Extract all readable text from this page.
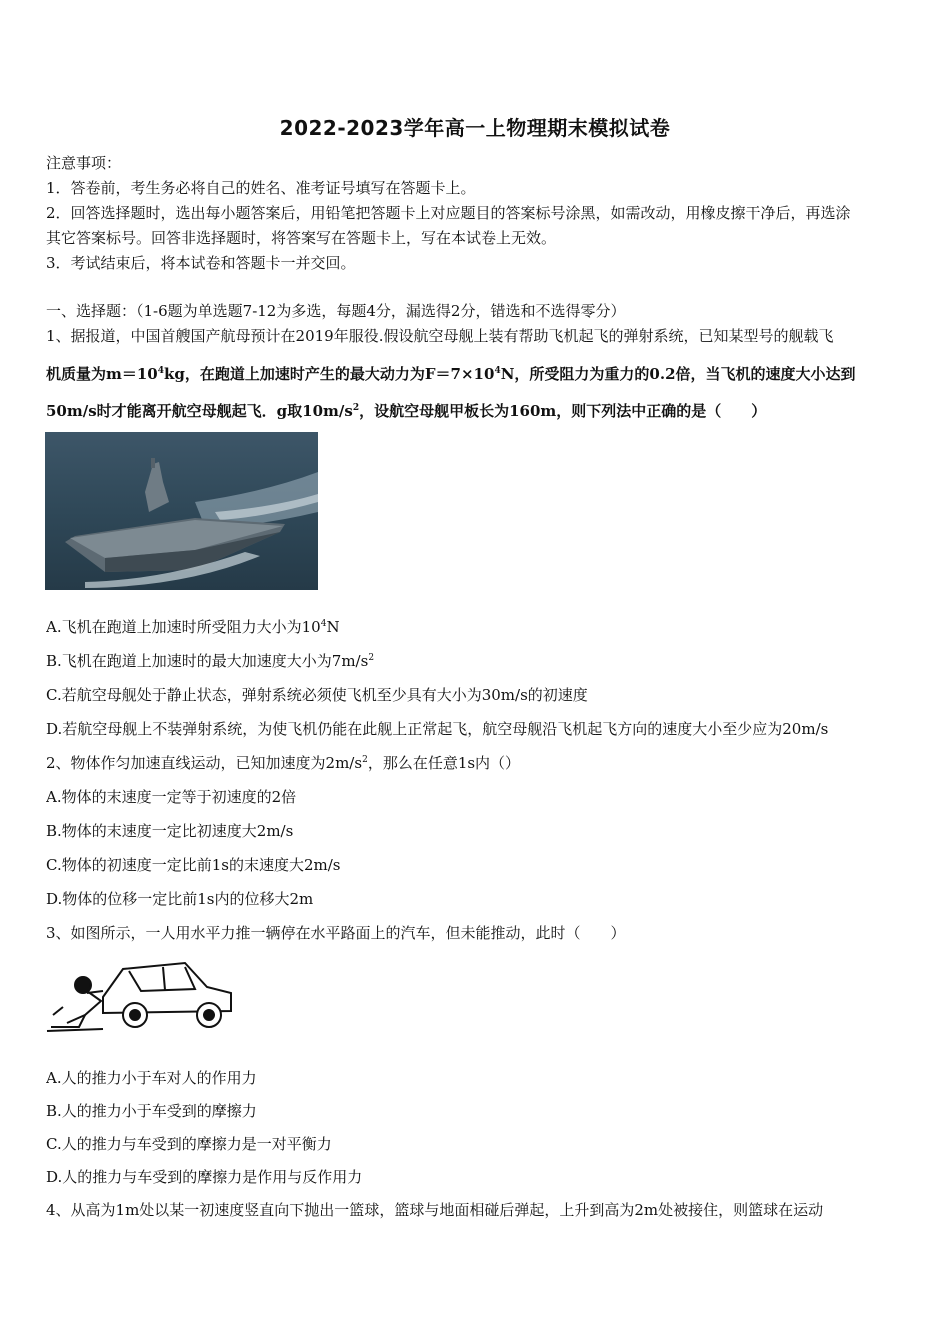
2022-2023学年高一上物理期末模拟试卷
注意事项：
1．答卷前，考生务必将自己的姓名、准考证号填写在答题卡上。
2．回答选择题时，选出每小题答案后，用铅笔把答题卡上对应题目的答案标号涂黑，如需改动，用橡皮擦干净后，再选涂
其它答案标号。回答非选择题时，将答案写在答题卡上，写在本试卷上无效。
3．考试结束后，将本试卷和答题卡一并交回。
一、选择题：（1-6题为单选题7-12为多选，每题4分，漏选得2分，错选和不选得零分）
1、据报道，中国首艘国产航母预计在2019年服役.假设航空母舰上装有帮助飞机起飞的弹射系统，已知某型号的舰载飞
机质量为$m=10^4kg$，在跑道上加速时产生的最大动力为$F=7\times 10^4N$，所受阻力为重力的0.2倍，当飞机的速度大小达到
50m/s时才能离开航空母舰起飞．g取$10m/s^2$，设航空母舰甲板长为160m，则下列法中正确的是（　　）
A.飞机在跑道上加速时所受阻力大小为$10^4N$
B.飞机在跑道上加速时的最大加速度大小为$7m/s^2$
C.若航空母舰处于静止状态，弹射系统必须使飞机至少具有大小为30m/s的初速度
D.若航空母舰上不装弹射系统，为使飞机仍能在此舰上正常起飞，航空母舰沿飞机起飞方向的速度大小至少应为20m/s
2、物体作匀加速直线运动，已知加速度为$2m/s^2$，那么在任意1s内（）
A.物体的末速度一定等于初速度的2倍
B.物体的末速度一定比初速度大2m/s
C.物体的初速度一定比前1s的末速度大2m/s
D.物体的位移一定比前1s内的位移大2m
3、如图所示，一人用水平力推一辆停在水平路面上的汽车，但未能推动，此时（　　）
A.人的推力小于车对人的作用力
B.人的推力小于车受到的摩擦力
C.人的推力与车受到的摩擦力是一对平衡力
D.人的推力与车受到的摩擦力是作用与反作用力
4、从高为1m处以某一初速度竖直向下抛出一篮球，篮球与地面相碰后弹起，上升到高为2m处被接住，则篮球在运动
